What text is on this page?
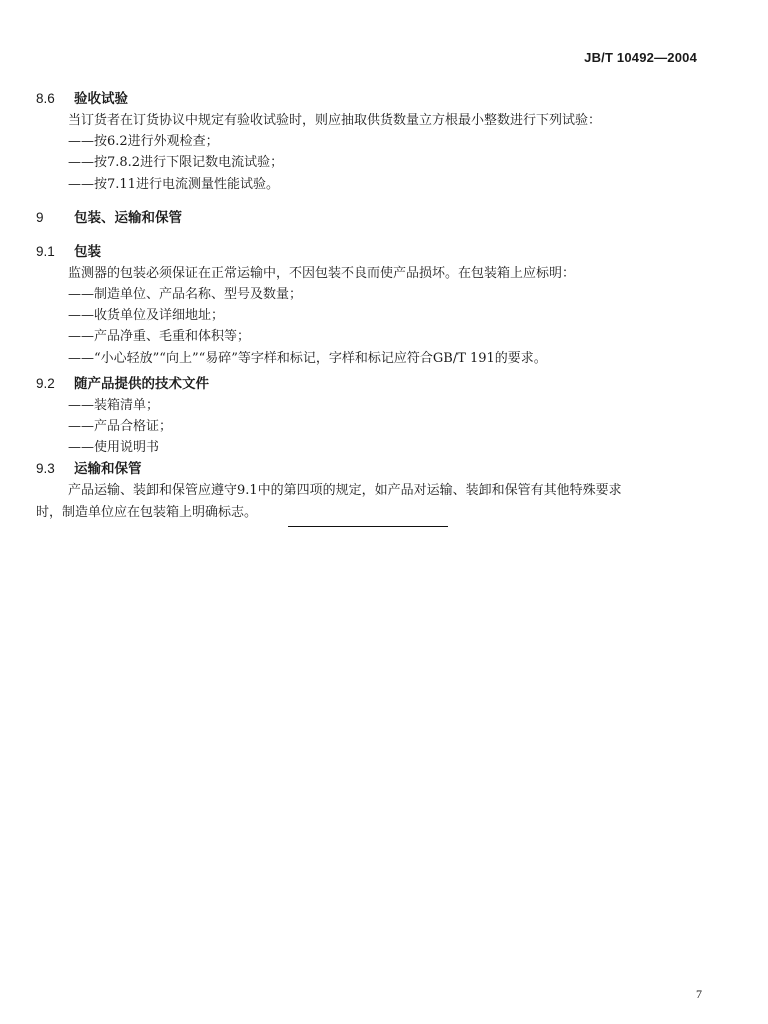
JB/T 10492—2004
8.6 验收试验
当订货者在订货协议中规定有验收试验时，则应抽取供货数量立方根最小整数进行下列试验：
——按6.2进行外观检查；
——按7.8.2进行下限记数电流试验；
——按7.11进行电流测量性能试验。
9 包装、运输和保管
9.1 包装
监测器的包装必须保证在正常运输中，不因包装不良而使产品损坏。在包装箱上应标明：
——制造单位、产品名称、型号及数量；
——收货单位及详细地址；
——产品净重、毛重和体积等；
——“小心轻放”“向上”“易碎”等字样和标记，字样和标记应符合GB/T 191的要求。
9.2 随产品提供的技术文件
——装箱清单；
——产品合格证；
——使用说明书
9.3 运输和保管
产品运输、装卸和保管应遵守9.1中的第四项的规定，如产品对运输、装卸和保管有其他特殊要求
时，制造单位应在包装箱上明确标志。
7
